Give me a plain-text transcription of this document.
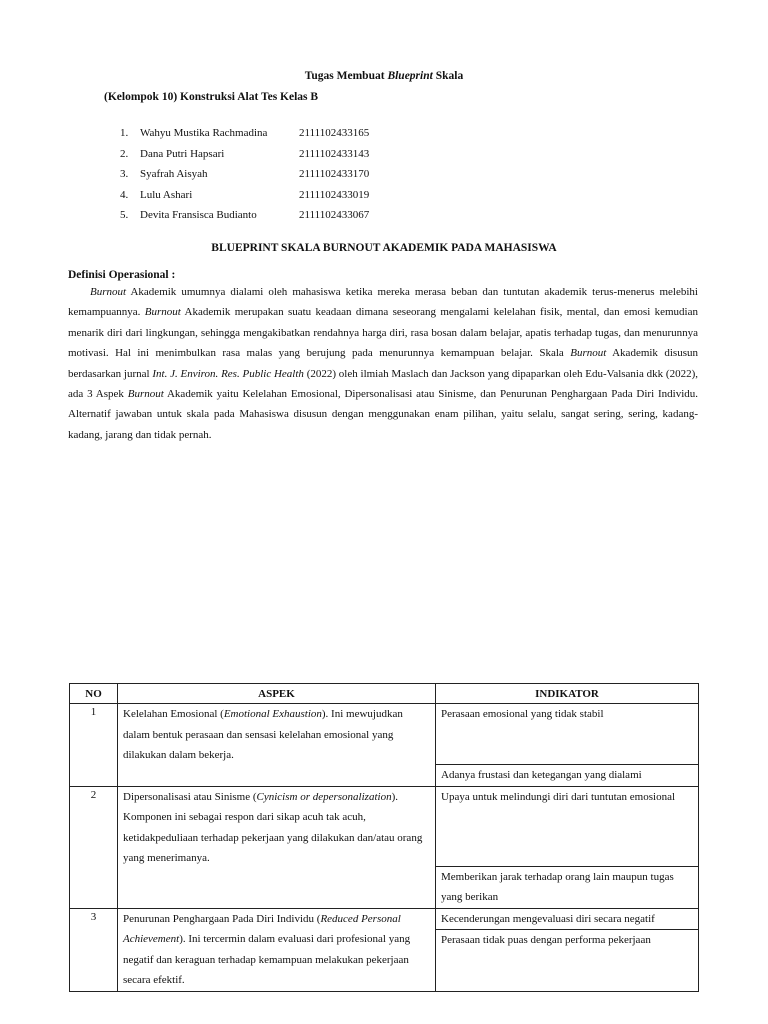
Tugas Membuat Blueprint Skala
(Kelompok 10) Konstruksi Alat Tes Kelas B
1.	Wahyu Mustika Rachmadina	2111102433165
2.	Dana Putri Hapsari	2111102433143
3.	Syafrah Aisyah	2111102433170
4.	Lulu Ashari	2111102433019
5.	Devita Fransisca Budianto	2111102433067
BLUEPRINT SKALA BURNOUT AKADEMIK PADA MAHASISWA
Definisi Operasional :
Burnout Akademik umumnya dialami oleh mahasiswa ketika mereka merasa beban dan tuntutan akademik terus-menerus melebihi kemampuannya. Burnout Akademik merupakan suatu keadaan dimana seseorang mengalami kelelahan fisik, mental, dan emosi kemudian menarik diri dari lingkungan, sehingga mengakibatkan rendahnya harga diri, rasa bosan dalam belajar, apatis terhadap tugas, dan menurunnya motivasi. Hal ini menimbulkan rasa malas yang berujung pada menurunnya kemampuan belajar. Skala Burnout Akademik disusun berdasarkan jurnal Int. J. Environ. Res. Public Health (2022) oleh ilmiah Maslach dan Jackson yang dipaparkan oleh Edu-Valsania dkk (2022), ada 3 Aspek Burnout Akademik yaitu Kelelahan Emosional, Dipersonalisasi atau Sinisme, dan Penurunan Penghargaan Pada Diri Individu. Alternatif jawaban untuk skala pada Mahasiswa disusun dengan menggunakan enam pilihan, yaitu selalu, sangat sering, sering, kadang-kadang, jarang dan tidak pernah.
NO	ASPEK	INDIKATOR
1	Kelelahan Emosional (Emotional Exhaustion). Ini mewujudkan dalam bentuk perasaan dan sensasi kelelahan emosional yang dilakukan dalam bekerja.	Perasaan emosional yang tidak stabil
		Adanya frustasi dan ketegangan yang dialami
2	Dipersonalisasi atau Sinisme (Cynicism or depersonalization). Komponen ini sebagai respon dari sikap acuh tak acuh, ketidakpeduliaan terhadap pekerjaan yang dilakukan dan/atau orang yang menerimanya.	Upaya untuk melindungi diri dari tuntutan emosional
		Memberikan jarak terhadap orang lain maupun tugas yang berikan
3	Penurunan Penghargaan Pada Diri Individu (Reduced Personal Achievement). Ini tercermin dalam evaluasi dari profesional yang negatif dan keraguan terhadap kemampuan melakukan pekerjaan secara efektif.	Kecenderungan mengevaluasi diri secara negatif
		Perasaan tidak puas dengan performa pekerjaan
